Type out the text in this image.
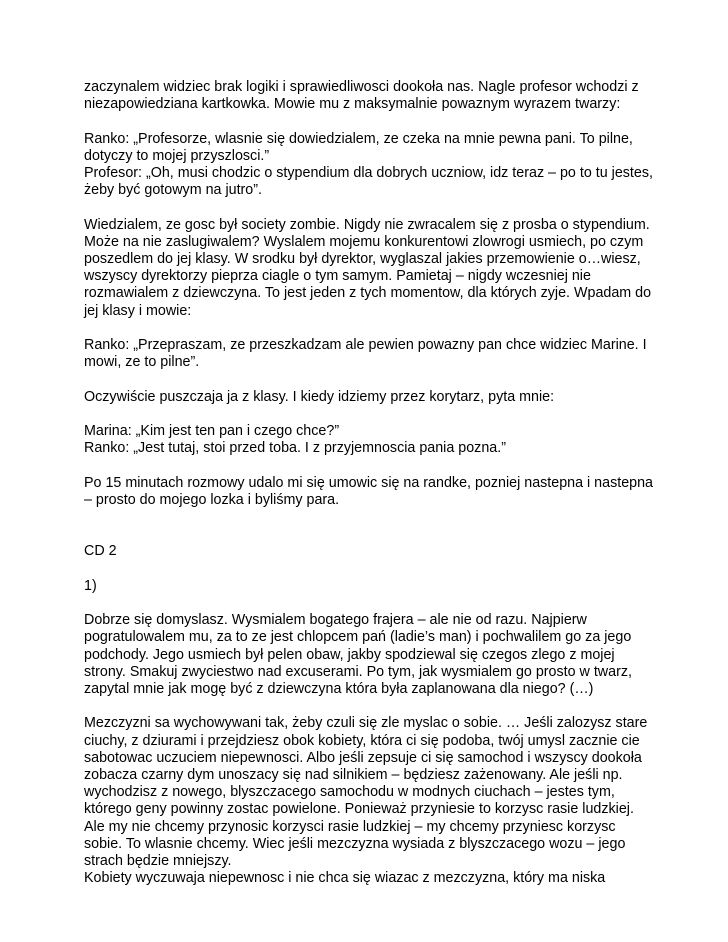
zaczynalem widziec brak logiki i sprawiedliwosci dookoła nas. Nagle profesor wchodzi z niezapowiedziana kartkowka. Mowie mu z maksymalnie powaznym wyrazem twarzy:

Ranko: „Profesorze, wlasnie się dowiedzialem, ze czeka na mnie pewna pani. To pilne, dotyczy to mojej przyszlosci.”
Profesor: „Oh, musi chodzic o stypendium dla dobrych uczniow, idz teraz – po to tu jestes, żeby być gotowym na jutro”.

Wiedzialem, ze gosc był society zombie. Nigdy nie zwracalem się z prosba o stypendium. Może na nie zaslugiwalem? Wyslalem mojemu konkurentowi zlowrogi usmiech, po czym poszedlem do jej klasy. W srodku był dyrektor, wyglaszal jakies przemowienie o…wiesz, wszyscy dyrektorzy pieprza ciagle o tym samym. Pamietaj – nigdy wczesniej nie rozmawialem z dziewczyna. To jest jeden z tych momentow, dla których zyje. Wpadam do jej klasy i mowie:

Ranko: „Przepraszam, ze przeszkadzam ale pewien powazny pan chce widziec Marine. I mowi, ze to pilne”.

Oczywiście puszczaja ja z klasy. I kiedy idziemy przez korytarz, pyta mnie:

Marina: „Kim jest ten pan i czego chce?”
Ranko: „Jest tutaj, stoi przed toba. I z przyjemnoscia pania pozna.”

Po 15 minutach rozmowy udalo mi się umowic się na randke, pozniej nastepna i nastepna – prosto do mojego lozka i byliśmy para.

CD 2

1)

Dobrze się domyslasz. Wysmialem bogatego frajera – ale nie od razu. Najpierw pogratulowalem mu, za to ze jest chlopcem pań (ladie’s man) i pochwalilem go za jego podchody. Jego usmiech był pelen obaw, jakby spodziewal się czegos zlego z mojej strony. Smakuj zwyciestwo nad excuserami. Po tym, jak wysmialem go prosto w twarz, zapytal mnie jak mogę być z dziewczyna która była zaplanowana dla niego? (…)

Mezczyzni sa wychowywani tak, żeby czuli się zle myslac o sobie. … Jeśli zalozysz stare ciuchy, z dziurami i przejdziesz obok kobiety, która ci się podoba, twój umysl zacznie cie sabotowac uczuciem niepewnosci. Albo jeśli zepsuje ci się samochod i wszyscy dookoła zobacza czarny dym unoszacy się nad silnikiem – będziesz zażenowany. Ale jeśli np. wychodzisz z nowego, blyszczacego samochodu w modnych ciuchach – jestes tym, którego geny powinny zostac powielone. Ponieważ przyniesie to korzysc rasie ludzkiej. Ale my nie chcemy przynosic korzysci rasie ludzkiej – my chcemy przyniesc korzysc sobie. To wlasnie chcemy. Wiec jeśli mezczyzna wysiada z blyszczacego wozu – jego strach będzie mniejszy.

Kobiety wyczuwaja niepewnosc i nie chca się wiazac z mezczyzna, który ma niska
